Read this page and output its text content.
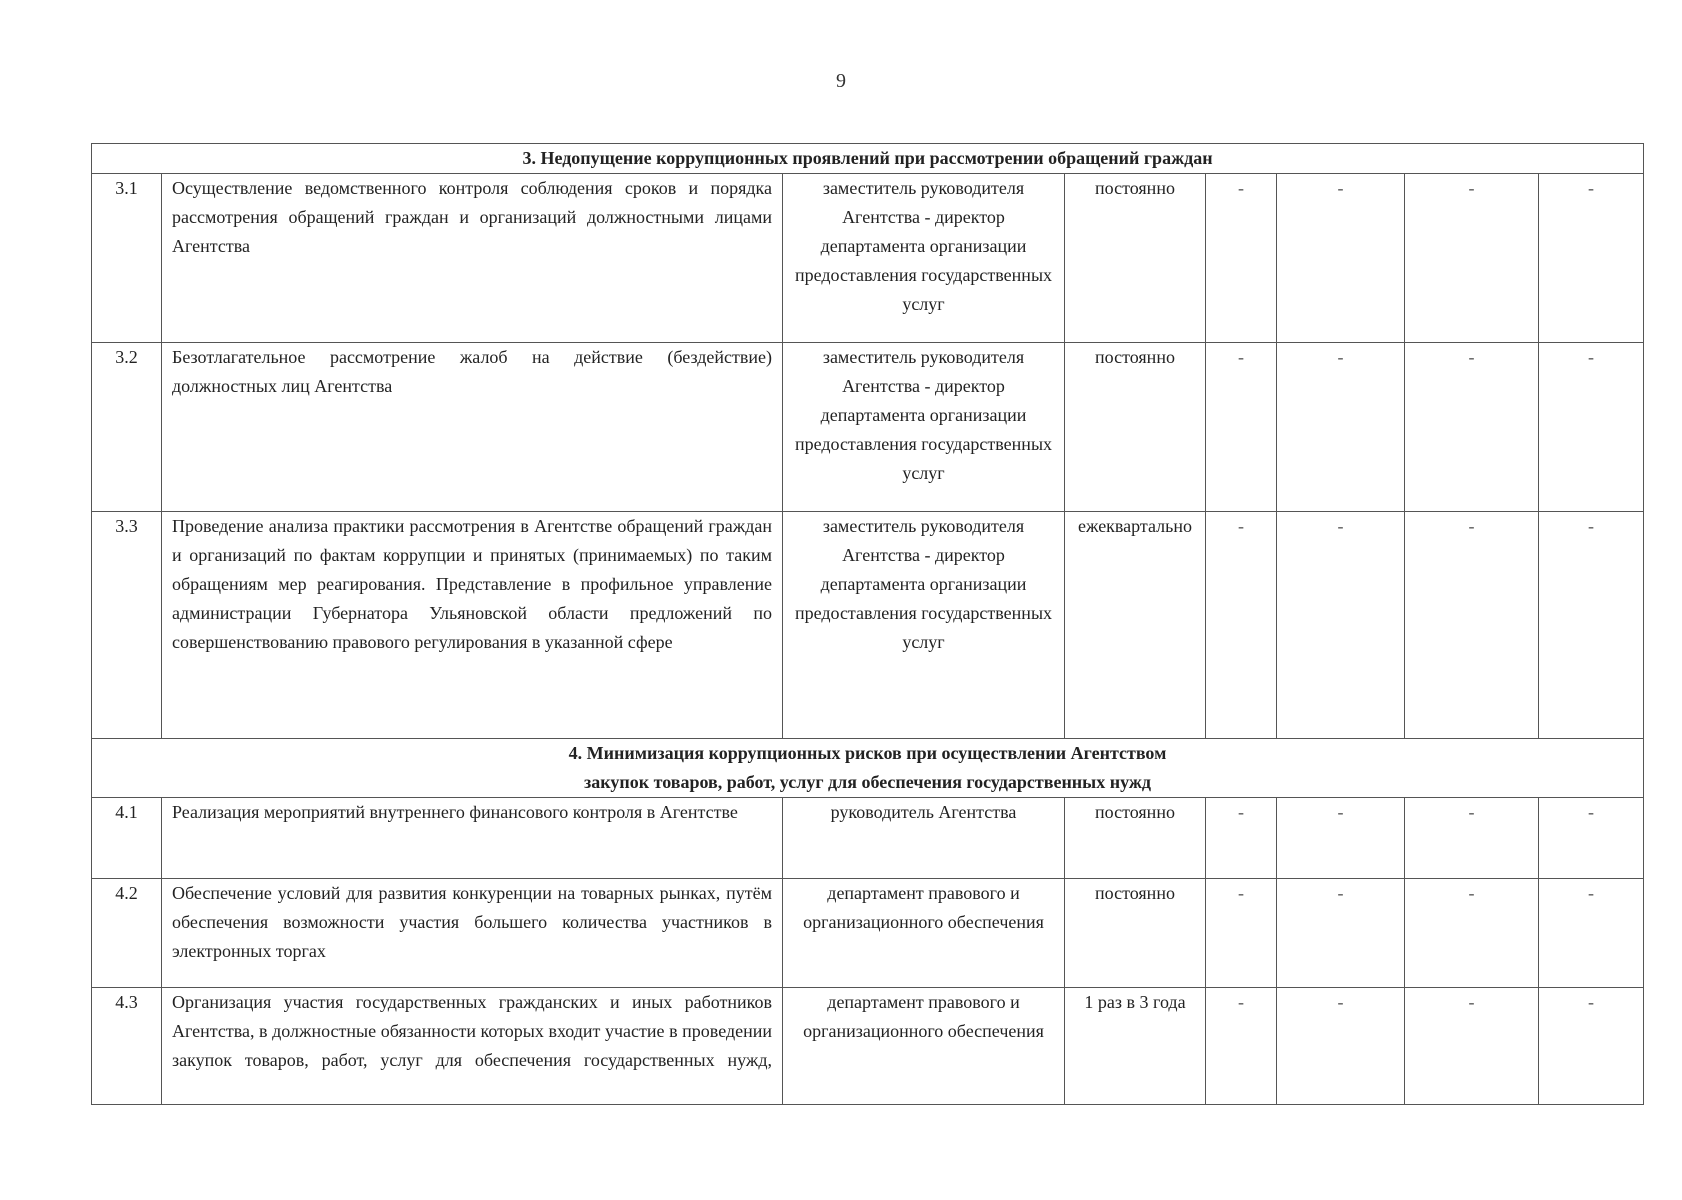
9
3. Недопущение коррупционных проявлений при рассмотрении обращений граждан							

3.1	Осуществление ведомственного контроля соблюдения сроков и порядка рассмотрения обращений граждан и организаций должностными лицами Агентства	заместитель руководителя Агентства - директор департамента организации предоставления государственных услуг	постоянно	-	-	-	-
3.2	Безотлагательное рассмотрение жалоб на действие (бездействие) должностных лиц Агентства	заместитель руководителя Агентства - директор департамента организации предоставления государственных услуг	постоянно	-	-	-	-
3.3	Проведение анализа практики рассмотрения в Агентстве обращений граждан и организаций по фактам коррупции и принятых (принимаемых) по таким обращениям мер реагирования. Представление в профильное управление администрации Губернатора Ульяновской области предложений по совершенствованию правового регулирования в указанной сфере	заместитель руководителя Агентства - директор департамента организации предоставления государственных услуг	ежеквартально	-	-	-	-

4. Минимизация коррупционных рисков при осуществлении Агентством
закупок товаров, работ, услуг для обеспечения государственных нужд							

4.1	Реализация мероприятий внутреннего финансового контроля в Агентстве	руководитель Агентства	постоянно	-	-	-	-
4.2	Обеспечение условий для развития конкуренции на товарных рынках, путём обеспечения возможности участия большего количества участников в электронных торгах	департамент правового и организационного обеспечения	постоянно	-	-	-	-
4.3	Организация участия государственных гражданских и иных работников Агентства, в должностные обязанности которых входит участие в проведении закупок товаров, работ, услуг для обеспечения государственных нужд,	департамент правового и организационного обеспечения	1 раз в 3 года	-	-	-	-
